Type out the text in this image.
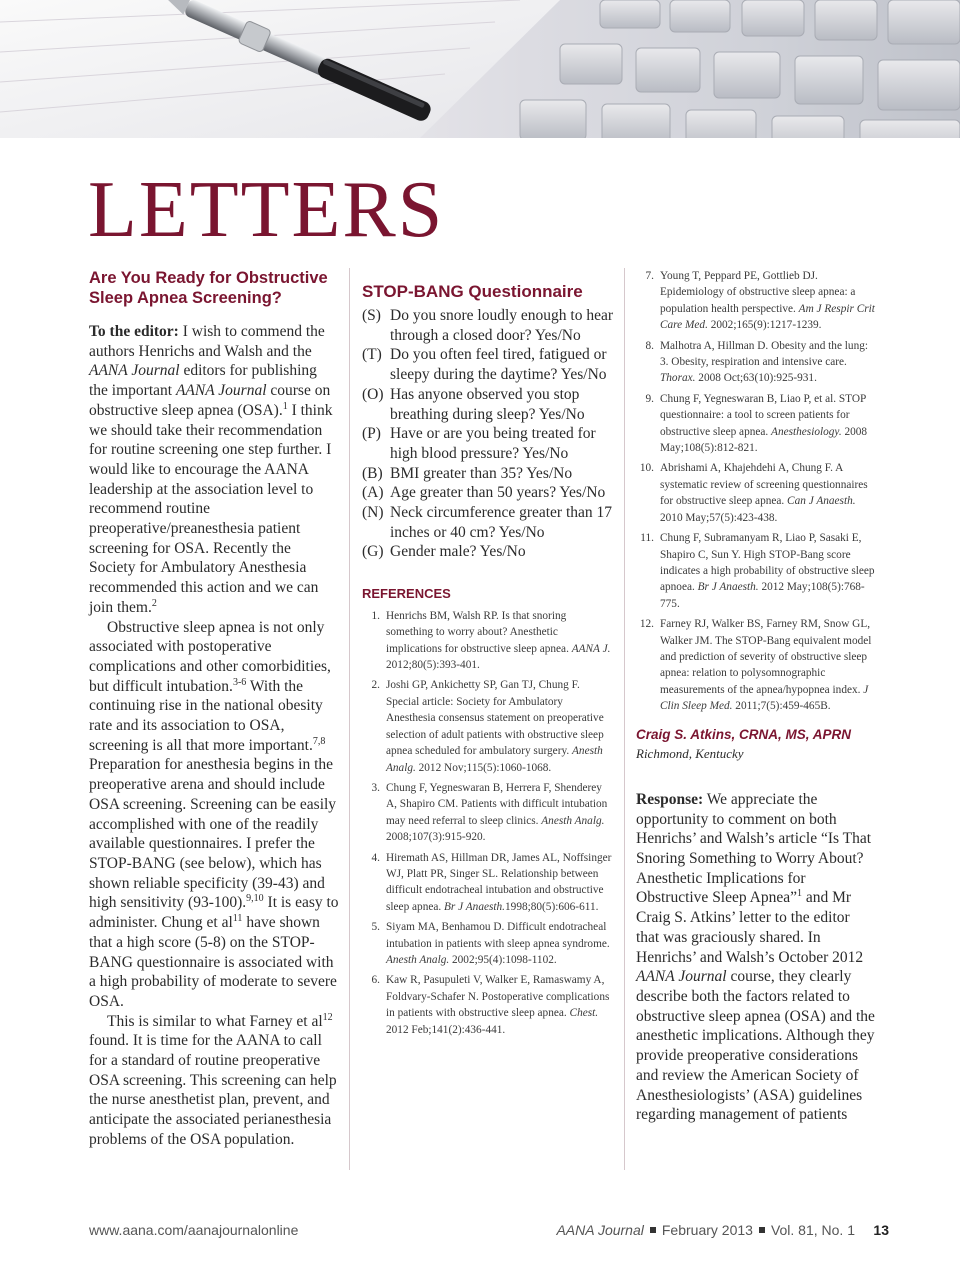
LETTERS
Are You Ready for Obstructive Sleep Apnea Screening?

To the editor: I wish to commend the authors Henrichs and Walsh and the AANA Journal editors for publishing the important AANA Journal course on obstructive sleep apnea (OSA).$^1$ I think we should take their recommendation for routine screening one step further. I would like to encourage the AANA leadership at the association level to recommend routine preoperative/preanesthesia patient screening for OSA. Recently the Society for Ambulatory Anesthesia recommended this action and we can join them.$^2$

Obstructive sleep apnea is not only associated with postoperative complications and other comorbidities, but difficult intubation.$^{3-6}$ With the continuing rise in the national obesity rate and its association to OSA, screening is all that more important.$^{7,8}$ Preparation for anesthesia begins in the preoperative arena and should include OSA screening. Screening can be easily accomplished with one of the readily available questionnaires. I prefer the STOP-BANG (see below), which has shown reliable specificity (39-43) and high sensitivity (93-100).$^{9,10}$ It is easy to administer. Chung et $al^{11}$ have shown that a high score (5-8) on the STOP-BANG questionnaire is associated with a high probability of moderate to severe OSA.

This is similar to what Farney et $al^{12}$ found. It is time for the AANA to call for a standard of routine preoperative OSA screening. This screening can help the nurse anesthetist plan, prevent, and anticipate the associated perianesthesia problems of the OSA population.

STOP-BANG Questionnaire
(S) Do you snore loudly enough to hear through a closed door? Yes/No
(T) Do you often feel tired, fatigued or sleepy during the daytime? Yes/No
(O) Has anyone observed you stop breathing during sleep? Yes/No
(P) Have or are you being treated for high blood pressure? Yes/No
(B) BMI greater than 35? Yes/No
(A) Age greater than 50 years? Yes/No
(N) Neck circumference greater than 17 inches or 40 cm? Yes/No
(G) Gender male? Yes/No
REFERENCES
1. Henrichs BM, Walsh RP. Is that snoring something to worry about? Anesthetic implications for obstructive sleep apnea. AANA J. 2012;80(5):393-401.
2. Joshi GP, Ankichetty SP, Gan TJ, Chung F. Special article: Society for Ambulatory Anesthesia consensus statement on preoperative selection of adult patients with obstructive sleep apnea scheduled for ambulatory surgery. Anesth Analg. 2012 Nov;115(5):1060-1068.
3. Chung F, Yegneswaran B, Herrera F, Shenderey A, Shapiro CM. Patients with difficult intubation may need referral to sleep clinics. Anesth Analg. 2008;107(3):915-920.
4. Hiremath AS, Hillman DR, James AL, Noffsinger WJ, Platt PR, Singer SL. Relationship between difficult endotracheal intubation and obstructive sleep apnea. Br J Anaesth.1998;80(5):606-611.
5. Siyam MA, Benhamou D. Difficult endotracheal intubation in patients with sleep apnea syndrome. Anesth Analg. 2002;95(4):1098-1102.
6. Kaw R, Pasupuleti V, Walker E, Ramaswamy A, Foldvary-Schafer N. Postoperative complications in patients with obstructive sleep apnea. Chest. 2012 Feb;141(2):436-441.
7. Young T, Peppard PE, Gottlieb DJ. Epidemiology of obstructive sleep apnea: a population health perspective. Am J Respir Crit Care Med. 2002;165(9):1217-1239.
8. Malhotra A, Hillman D. Obesity and the lung: 3. Obesity, respiration and intensive care. Thorax. 2008 Oct;63(10):925-931.
9. Chung F, Yegneswaran B, Liao P, et al. STOP questionnaire: a tool to screen patients for obstructive sleep apnea. Anesthesiology. 2008 May;108(5):812-821.
10. Abrishami A, Khajehdehi A, Chung F. A systematic review of screening questionnaires for obstructive sleep apnea. Can J Anaesth. 2010 May;57(5):423-438.
11. Chung F, Subramanyam R, Liao P, Sasaki E, Shapiro C, Sun Y. High STOP-Bang score indicates a high probability of obstructive sleep apnoea. Br J Anaesth. 2012 May;108(5):768-775.
12. Farney RJ, Walker BS, Farney RM, Snow GL, Walker JM. The STOP-Bang equivalent model and prediction of severity of obstructive sleep apnea: relation to polysomnographic measurements of the apnea/hypopnea index. J Clin Sleep Med. 2011;7(5):459-465B.
Craig S. Atkins, CRNA, MS, APRN
Richmond, Kentucky

Response: We appreciate the opportunity to comment on both Henrichs’ and Walsh’s article “Is That Snoring Something to Worry About? Anesthetic Implications for Obstructive Sleep Apnea”$^1$ and Mr Craig S. Atkins’ letter to the editor that was graciously shared. In Henrichs’ and Walsh’s October 2012 AANA Journal course, they clearly describe both the factors related to obstructive sleep apnea (OSA) and the anesthetic implications. Although they provide preoperative considerations and review the American Society of Anesthesiologists’ (ASA) guidelines regarding management of patients

www.aana.com/aanajournalonline	AANA Journal February 2013 Vol. 81, No. 1 13
